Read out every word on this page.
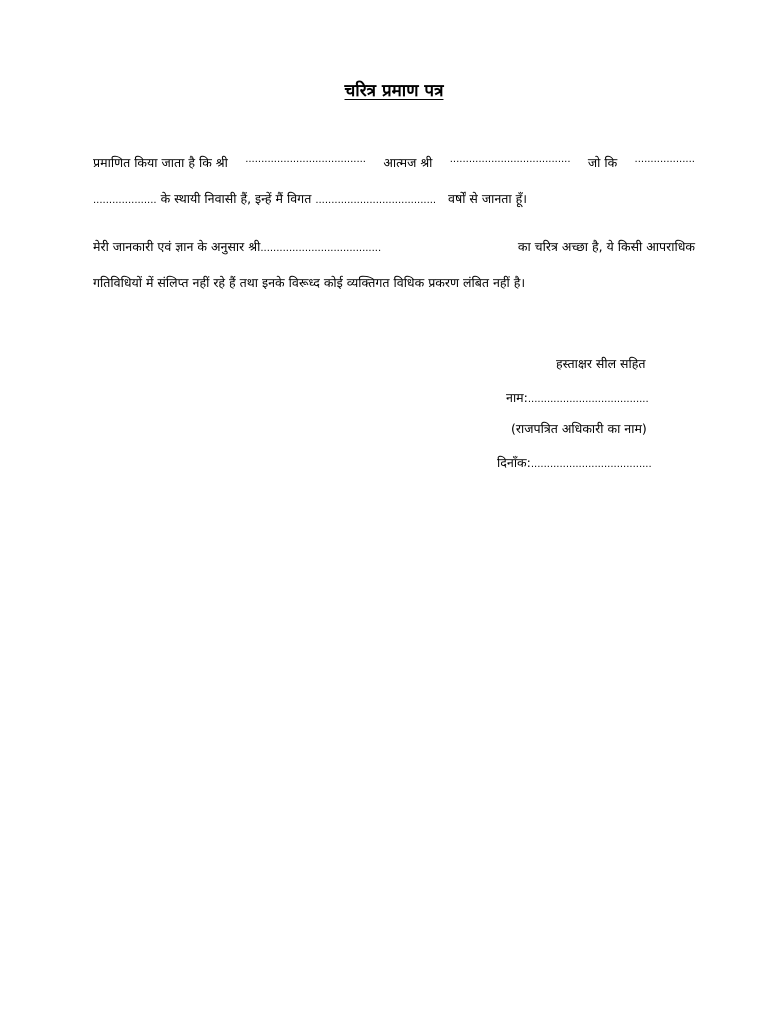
चरित्र प्रमाण पत्र
प्रमाणित किया जाता है कि श्री ...................................... आत्मज श्री ...................................... जो कि ...................
.................... के स्थायी निवासी हैं, इन्हें मैं विगत ...................................... वर्षों से जानता हूँ।
मेरी जानकारी एवं ज्ञान के अनुसार श्री......................................	का चरित्र अच्छा है, ये किसी आपराधिक
गतिविधियों में संलिप्त नहीं रहे हैं तथा इनके विरूध्द कोई व्यक्तिगत विधिक प्रकरण लंबित नहीं है।
हस्ताक्षर सील सहित
नाम:......................................
(राजपत्रित अधिकारी का नाम)
दिनाँक:......................................
